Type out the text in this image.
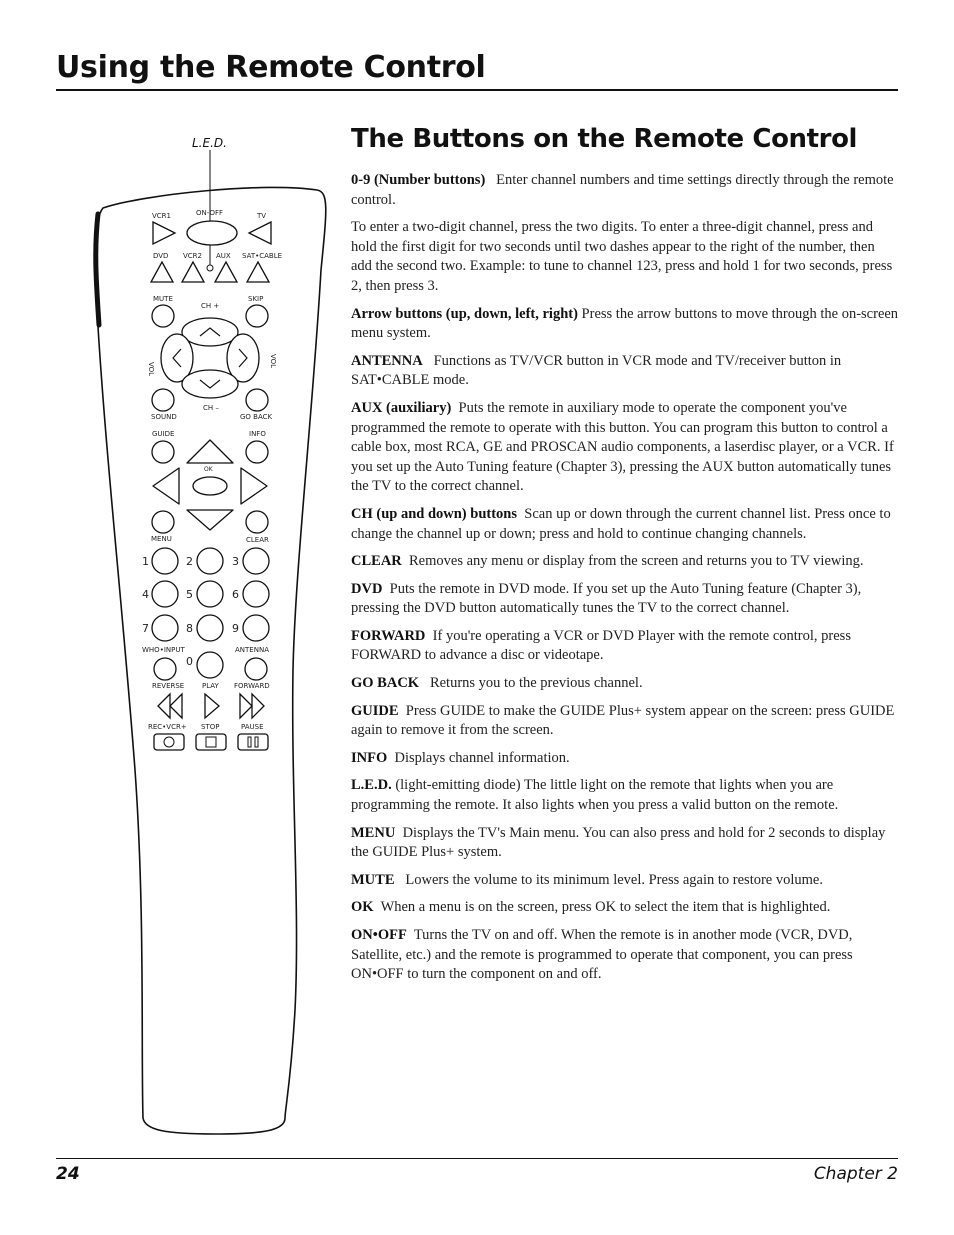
Using the Remote Control
L.E.D.
VCR1	ON-OFF	TV
DVD VCR2 AUX SAT•CABLE
MUTE
CH +
SKIP
VOL
VOL
CH –
SOUND	GO BACK
GUIDE	INFO
OK
MENU	CLEAR
1	2	3
4	5	6
7	8	9
WHO•INPUT	ANTENNA
0
REVERSE	PLAY FORWARD
REC•VCR+ STOP	PAUSE
The Buttons on the Remote Control

0-9 (Number buttons) Enter channel numbers and time settings directly through the remote control.

To enter a two-digit channel, press the two digits. To enter a three-digit channel, press and hold the first digit for two seconds until two dashes appear to the right of the number, then add the second two. Example: to tune to channel 123, press and hold 1 for two seconds, press 2, then press 3.

Arrow buttons (up, down, left, right) Press the arrow buttons to move through the on-screen menu system.

ANTENNA Functions as TV/VCR button in VCR mode and TV/receiver button in SAT•CABLE mode.

AUX (auxiliary) Puts the remote in auxiliary mode to operate the component you've programmed the remote to operate with this button. You can program this button to control a cable box, most RCA, GE and PROSCAN audio components, a laserdisc player, or a VCR. If you set up the Auto Tuning feature (Chapter 3), pressing the AUX button automatically tunes the TV to the correct channel.

CH (up and down) buttons Scan up or down through the current channel list. Press once to change the channel up or down; press and hold to continue changing channels.

CLEAR Removes any menu or display from the screen and returns you to TV viewing.

DVD Puts the remote in DVD mode. If you set up the Auto Tuning feature (Chapter 3), pressing the DVD button automatically tunes the TV to the correct channel.

FORWARD If you're operating a VCR or DVD Player with the remote control, press FORWARD to advance a disc or videotape.

GO BACK Returns you to the previous channel.

GUIDE Press GUIDE to make the GUIDE Plus+ system appear on the screen: press GUIDE again to remove it from the screen.

INFO Displays channel information.

L.E.D. (light-emitting diode) The little light on the remote that lights when you are programming the remote. It also lights when you press a valid button on the remote.

MENU Displays the TV's Main menu. You can also press and hold for 2 seconds to display the GUIDE Plus+ system.

MUTE Lowers the volume to its minimum level. Press again to restore volume.

OK When a menu is on the screen, press OK to select the item that is highlighted.

ON•OFF Turns the TV on and off. When the remote is in another mode (VCR, DVD, Satellite, etc.) and the remote is programmed to operate that component, you can press ON•OFF to turn the component on and off.

24	Chapter 2
